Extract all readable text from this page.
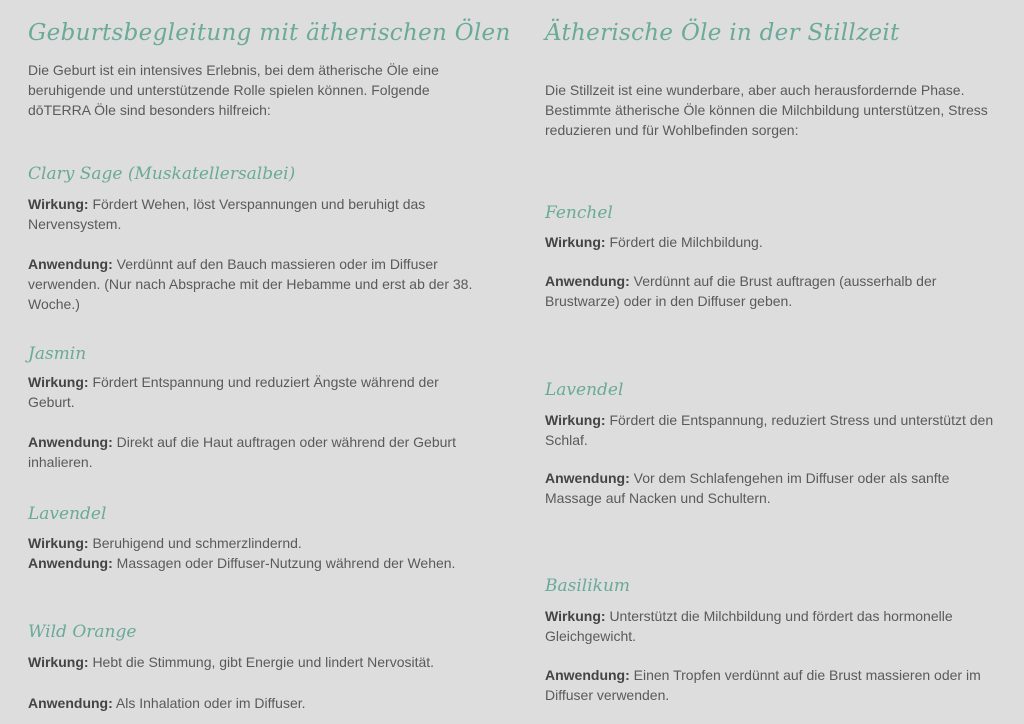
Geburtsbegleitung mit ätherischen Ölen

Die Geburt ist ein intensives Erlebnis, bei dem ätherische Öle eine beruhigende und unterstützende Rolle spielen können. Folgende dōTERRA Öle sind besonders hilfreich:

Clary Sage (Muskatellersalbei)

Wirkung: Fördert Wehen, löst Verspannungen und beruhigt das Nervensystem.

Anwendung: Verdünnt auf den Bauch massieren oder im Diffuser verwenden. (Nur nach Absprache mit der Hebamme und erst ab der 38. Woche.)

Jasmin

Wirkung: Fördert Entspannung und reduziert Ängste während der Geburt.

Anwendung: Direkt auf die Haut auftragen oder während der Geburt inhalieren.

Lavendel

Wirkung: Beruhigend und schmerzlindernd.

Anwendung: Massagen oder Diffuser-Nutzung während der Wehen.

Wild Orange

Wirkung: Hebt die Stimmung, gibt Energie und lindert Nervosität.

Anwendung: Als Inhalation oder im Diffuser.

Ätherische Öle in der Stillzeit

Die Stillzeit ist eine wunderbare, aber auch herausfordernde Phase. Bestimmte ätherische Öle können die Milchbildung unterstützen, Stress reduzieren und für Wohlbefinden sorgen:

Fenchel

Wirkung: Fördert die Milchbildung.

Anwendung: Verdünnt auf die Brust auftragen (ausserhalb der Brustwarze) oder in den Diffuser geben.

Lavendel

Wirkung: Fördert die Entspannung, reduziert Stress und unterstützt den Schlaf.

Anwendung: Vor dem Schlafengehen im Diffuser oder als sanfte Massage auf Nacken und Schultern.

Basilikum

Wirkung: Unterstützt die Milchbildung und fördert das hormonelle Gleichgewicht.

Anwendung: Einen Tropfen verdünnt auf die Brust massieren oder im Diffuser verwenden.
